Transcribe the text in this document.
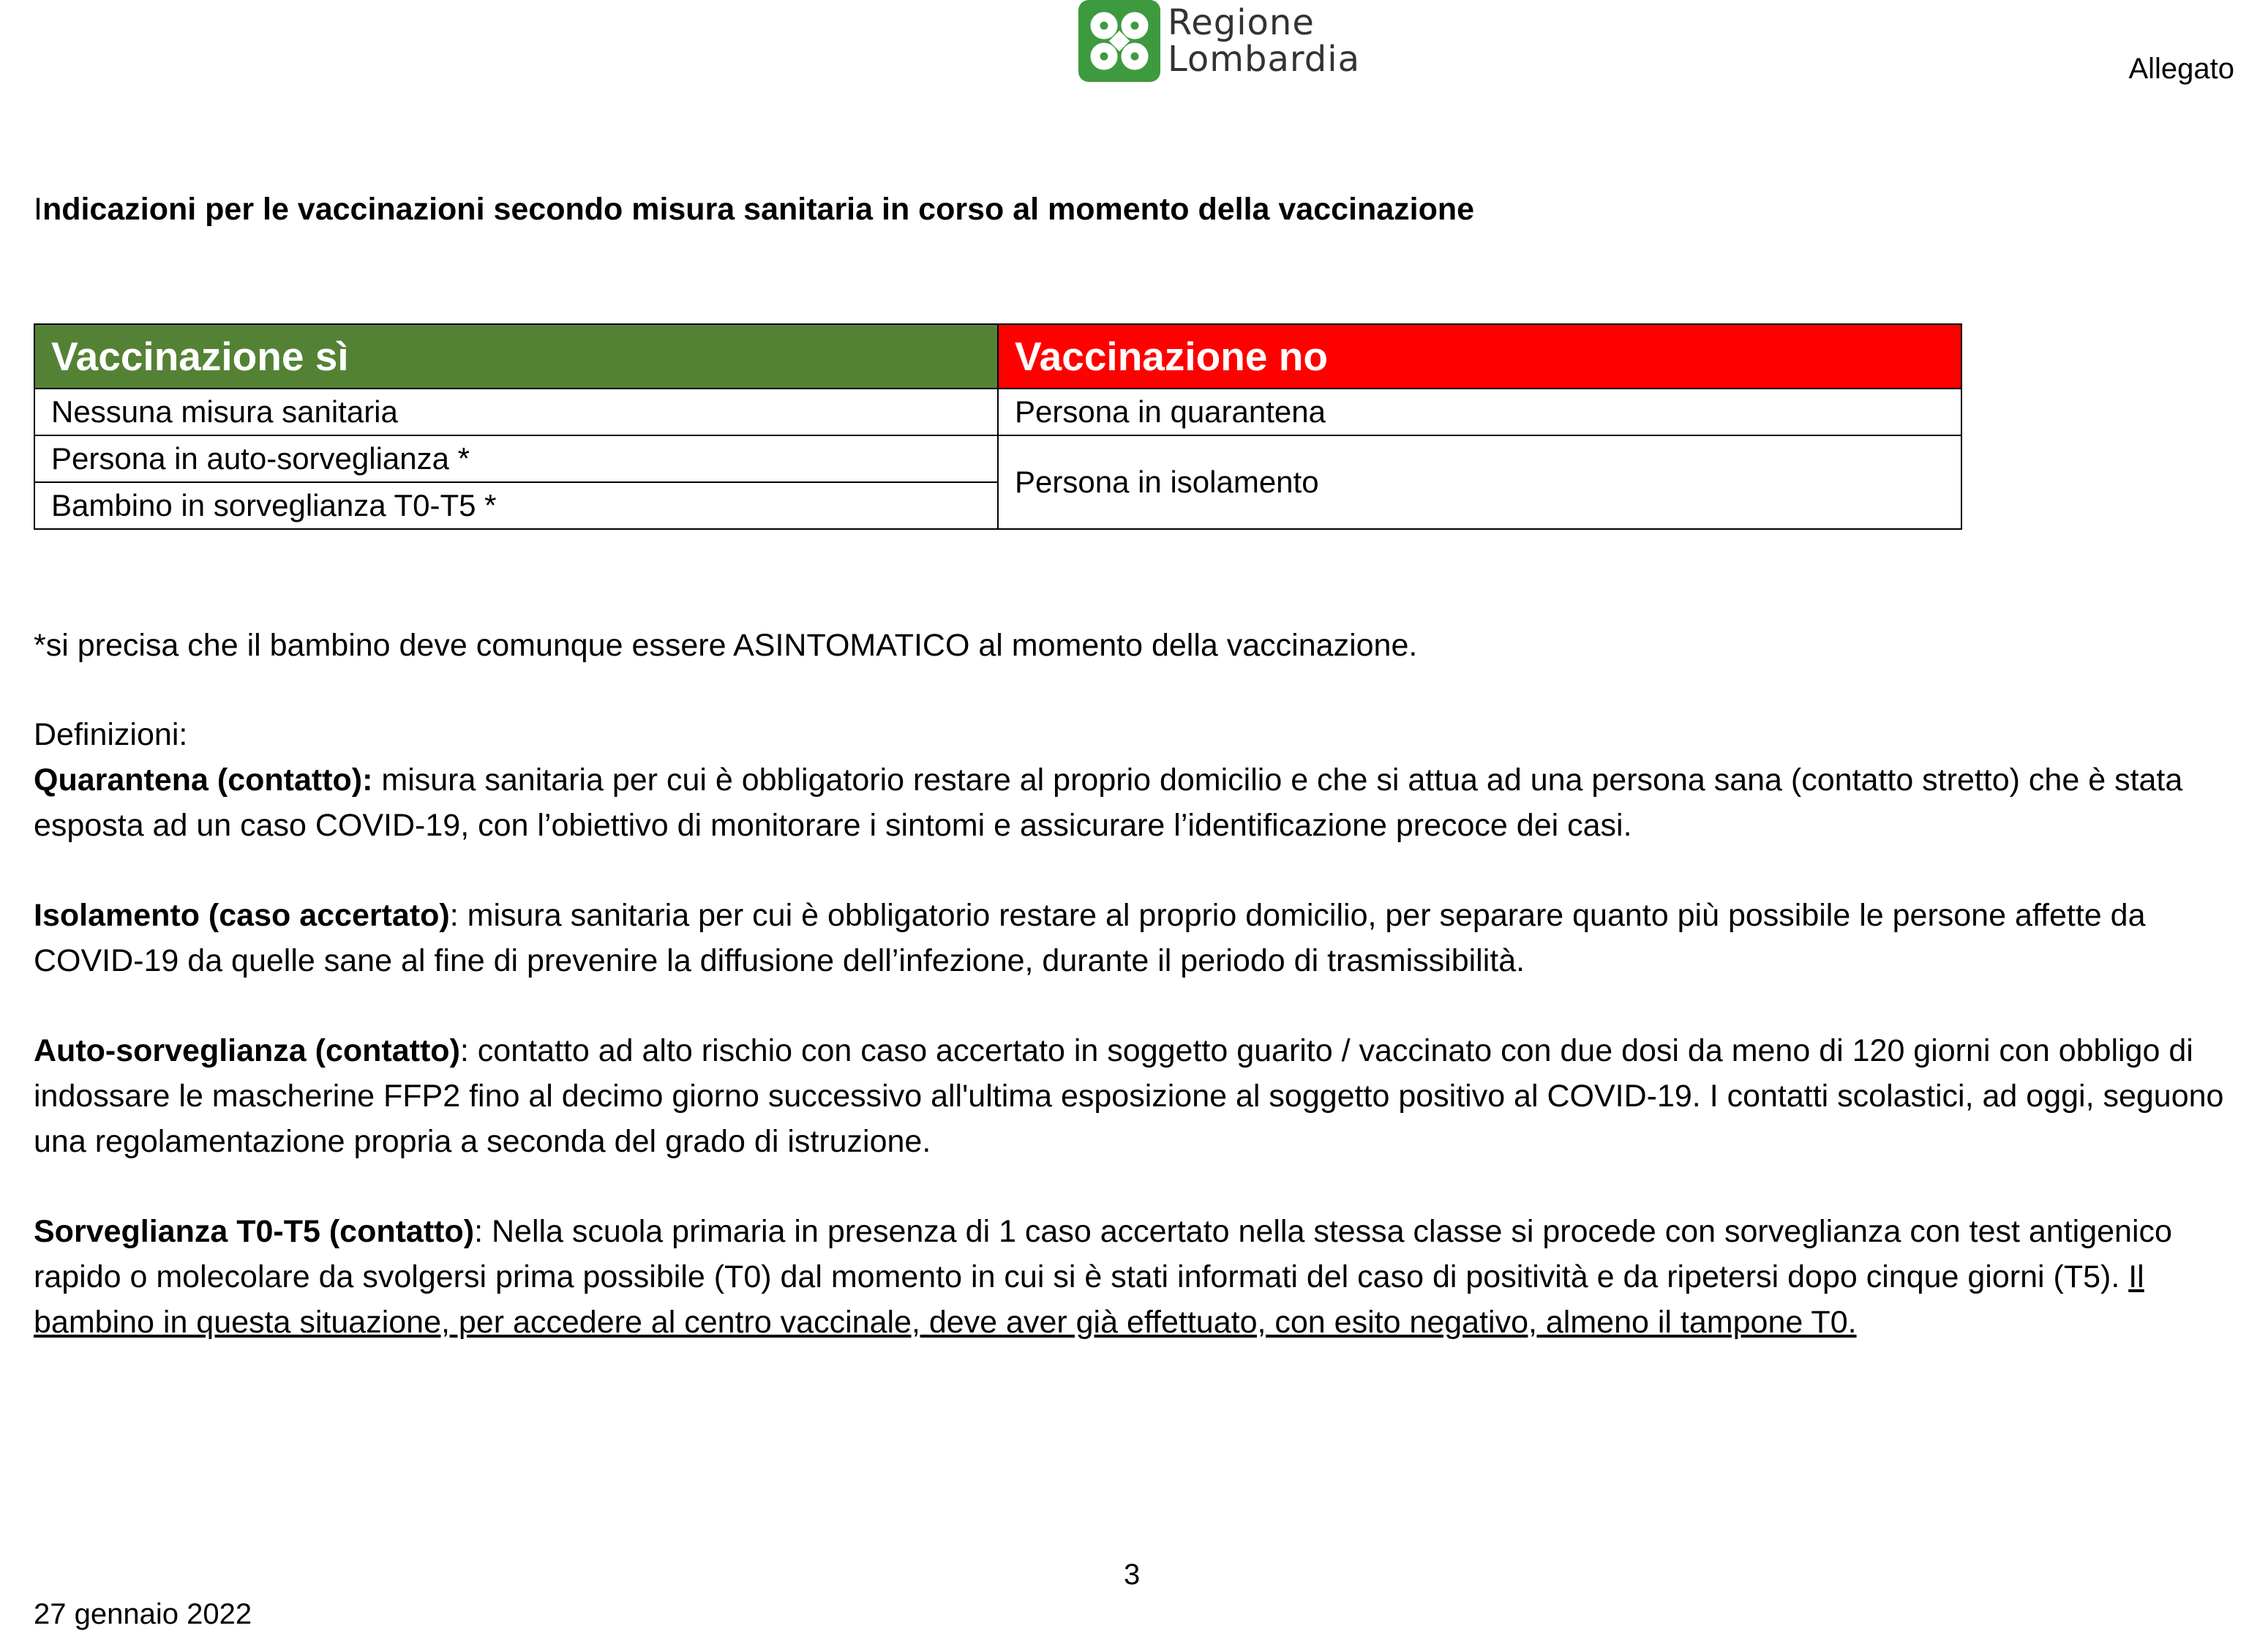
Regione
Lombardia	Allegato
Indicazioni per le vaccinazioni secondo misura sanitaria in corso al momento della vaccinazione
Vaccinazione sì	Vaccinazione no
Nessuna misura sanitaria	Persona in quarantena
Persona in auto-sorveglianza *	Persona in isolamento
Bambino in sorveglianza T0-T5 *	
*si precisa che il bambino deve comunque essere ASINTOMATICO al momento della vaccinazione.
Definizioni:
Quarantena (contatto): misura sanitaria per cui è obbligatorio restare al proprio domicilio e che si attua ad una persona sana (contatto stretto) che è stata esposta ad un caso COVID-19, con l’obiettivo di monitorare i sintomi e assicurare l’identificazione precoce dei casi.
Isolamento (caso accertato): misura sanitaria per cui è obbligatorio restare al proprio domicilio, per separare quanto più possibile le persone affette da COVID-19 da quelle sane al fine di prevenire la diffusione dell’infezione, durante il periodo di trasmissibilità.
Auto-sorveglianza (contatto): contatto ad alto rischio con caso accertato in soggetto guarito / vaccinato con due dosi da meno di 120 giorni con obbligo di indossare le mascherine FFP2 fino al decimo giorno successivo all'ultima esposizione al soggetto positivo al COVID-19. I contatti scolastici, ad oggi, seguono una regolamentazione propria a seconda del grado di istruzione.
Sorveglianza T0-T5 (contatto): Nella scuola primaria in presenza di 1 caso accertato nella stessa classe si procede con sorveglianza con test antigenico rapido o molecolare da svolgersi prima possibile (T0) dal momento in cui si è stati informati del caso di positività e da ripetersi dopo cinque giorni (T5). Il bambino in questa situazione, per accedere al centro vaccinale, deve aver già effettuato, con esito negativo, almeno il tampone T0.
3
27 gennaio 2022
